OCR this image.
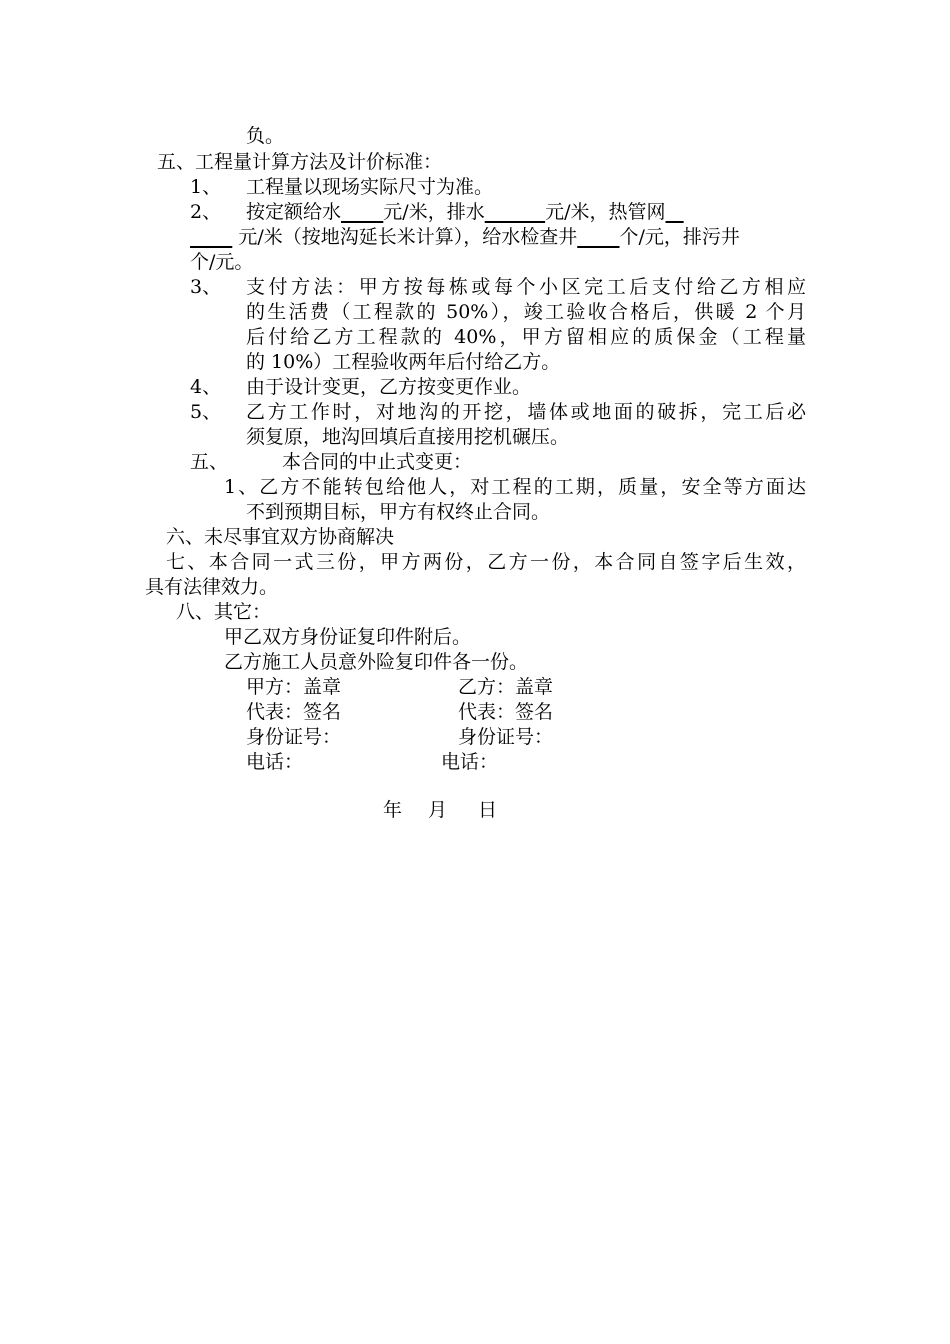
负。
五、工程量计算方法及计价标准：
1、 工程量以现场实际尺寸为准。
2、 按定额给水 元/米，排水	元/米，热管网
元/米（按地沟延长米计算），给水检查井 个/元，排污井
个/元。
3、 支付方法：甲方按每栋或每个小区完工后支付给乙方相应
的生活费（工程款的 50%），竣工验收合格后，供暖 2 个月
后付给乙方工程款的 40%，甲方留相应的质保金（工程量
的 10%）工程验收两年后付给乙方。
4、 由于设计变更，乙方按变更作业。
5、 乙方工作时，对地沟的开挖，墙体或地面的破拆，完工后必
须复原，地沟回填后直接用挖机碾压。
五、	本合同的中止式变更：
1、乙方不能转包给他人，对工程的工期，质量，安全等方面达
不到预期目标，甲方有权终止合同。
六、未尽事宜双方协商解决
七、本合同一式三份，甲方两份，乙方一份，本合同自签字后生效，
具有法律效力。
八、其它：
甲乙双方身份证复印件附后。
乙方施工人员意外险复印件各一份。
甲方：盖章	乙方：盖章
代表：签名	代表：签名
身份证号：	身份证号：
电话：	电话：
年 月 日
